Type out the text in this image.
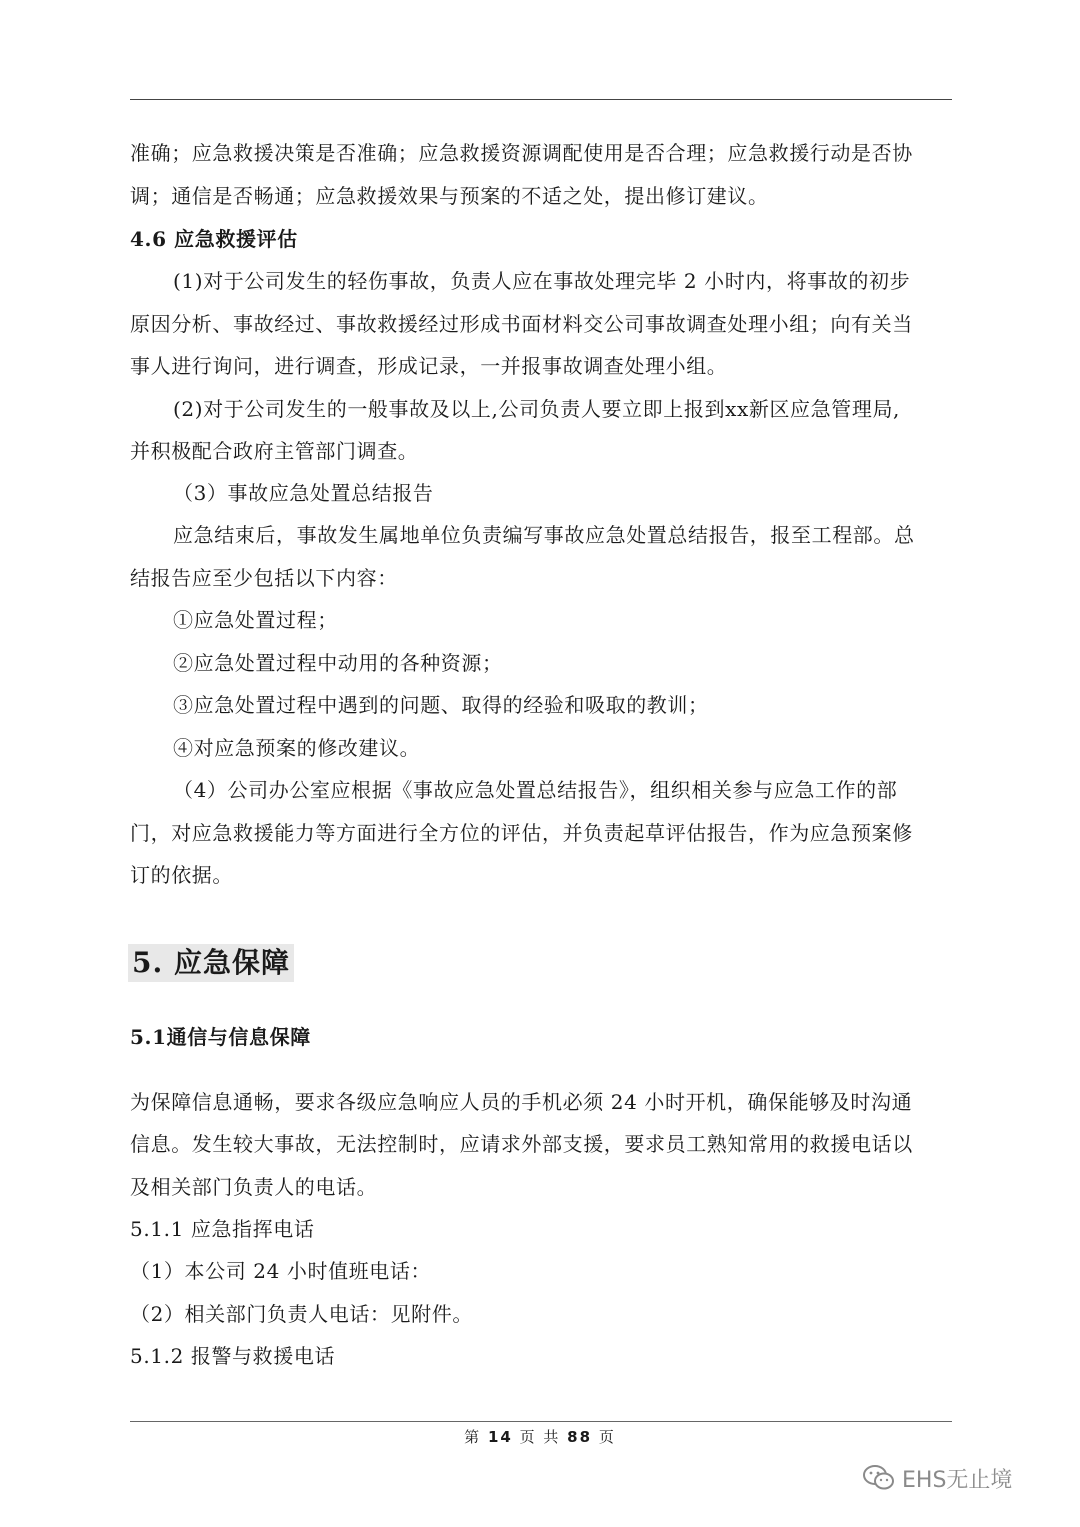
准确；应急救援决策是否准确；应急救援资源调配使用是否合理；应急救援行动是否协
调；通信是否畅通；应急救援效果与预案的不适之处，提出修订建议。
4.6 应急救援评估
(1)对于公司发生的轻伤事故，负责人应在事故处理完毕 2 小时内，将事故的初步
原因分析、事故经过、事故救援经过形成书面材料交公司事故调查处理小组；向有关当
事人进行询问，进行调查，形成记录，一并报事故调查处理小组。
(2)对于公司发生的一般事故及以上,公司负责人要立即上报到xx新区应急管理局,
并积极配合政府主管部门调查。
（3）事故应急处置总结报告
应急结束后，事故发生属地单位负责编写事故应急处置总结报告，报至工程部。总
结报告应至少包括以下内容：
①应急处置过程；
②应急处置过程中动用的各种资源；
③应急处置过程中遇到的问题、取得的经验和吸取的教训；
④对应急预案的修改建议。
（4）公司办公室应根据《事故应急处置总结报告》，组织相关参与应急工作的部
门，对应急救援能力等方面进行全方位的评估，并负责起草评估报告，作为应急预案修
订的依据。
5. 应急保障
5.1通信与信息保障
为保障信息通畅，要求各级应急响应人员的手机必须 24 小时开机，确保能够及时沟通
信息。发生较大事故，无法控制时，应请求外部支援，要求员工熟知常用的救援电话以
及相关部门负责人的电话。
5.1.1 应急指挥电话
（1）本公司 24 小时值班电话：
（2）相关部门负责人电话：见附件。
5.1.2 报警与救援电话
第 14 页 共 88 页
EHS无止境
